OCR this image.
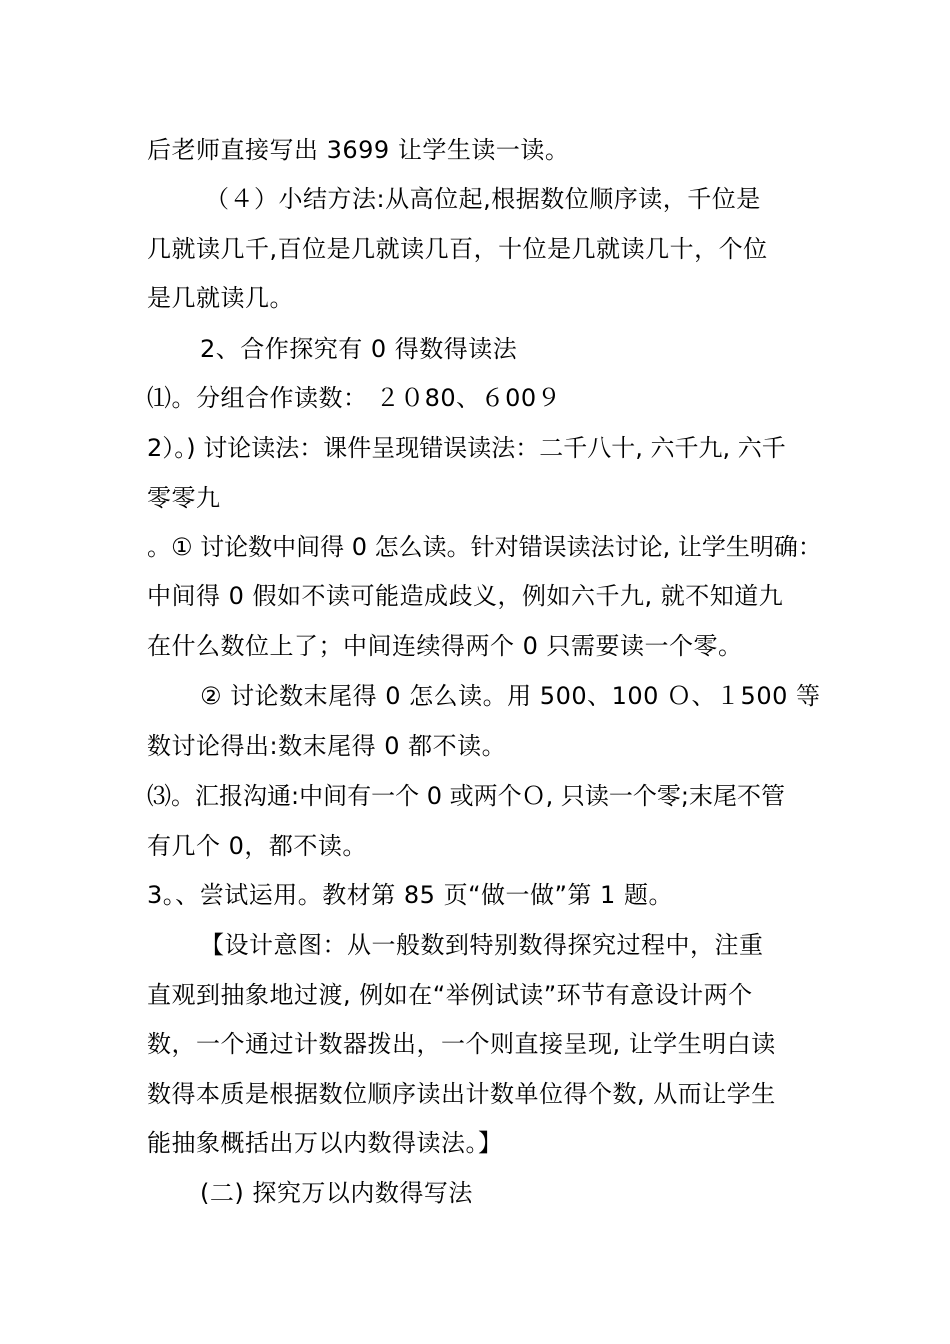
后老师直接写出 3699 让学生读一读。
（４）小结方法:从高位起,根据数位顺序读，千位是
几就读几千,百位是几就读几百，十位是几就读几十，个位
是几就读几。
2、合作探究有 0 得数得读法
⑴。分组合作读数： ２０80、６00９
2）。) 讨论读法：课件呈现错误读法：二千八十, 六千九, 六千
零零九
。① 讨论数中间得 0 怎么读。针对错误读法讨论, 让学生明确：
中间得 0 假如不读可能造成歧义，例如六千九, 就不知道九
在什么数位上了；中间连续得两个 0 只需要读一个零。
② 讨论数末尾得 0 怎么读。用 500、100 Ｏ、１500 等
数讨论得出:数末尾得 0 都不读。
⑶。汇报沟通:中间有一个 0 或两个Ｏ, 只读一个零;末尾不管
有几个 0，都不读。
3。、尝试运用。教材第 85 页“做一做”第 1 题。
【设计意图：从一般数到特别数得探究过程中，注重
直观到抽象地过渡, 例如在“举例试读”环节有意设计两个
数，一个通过计数器拨出，一个则直接呈现, 让学生明白读
数得本质是根据数位顺序读出计数单位得个数, 从而让学生
能抽象概括出万以内数得读法。】
(二) 探究万以内数得写法
